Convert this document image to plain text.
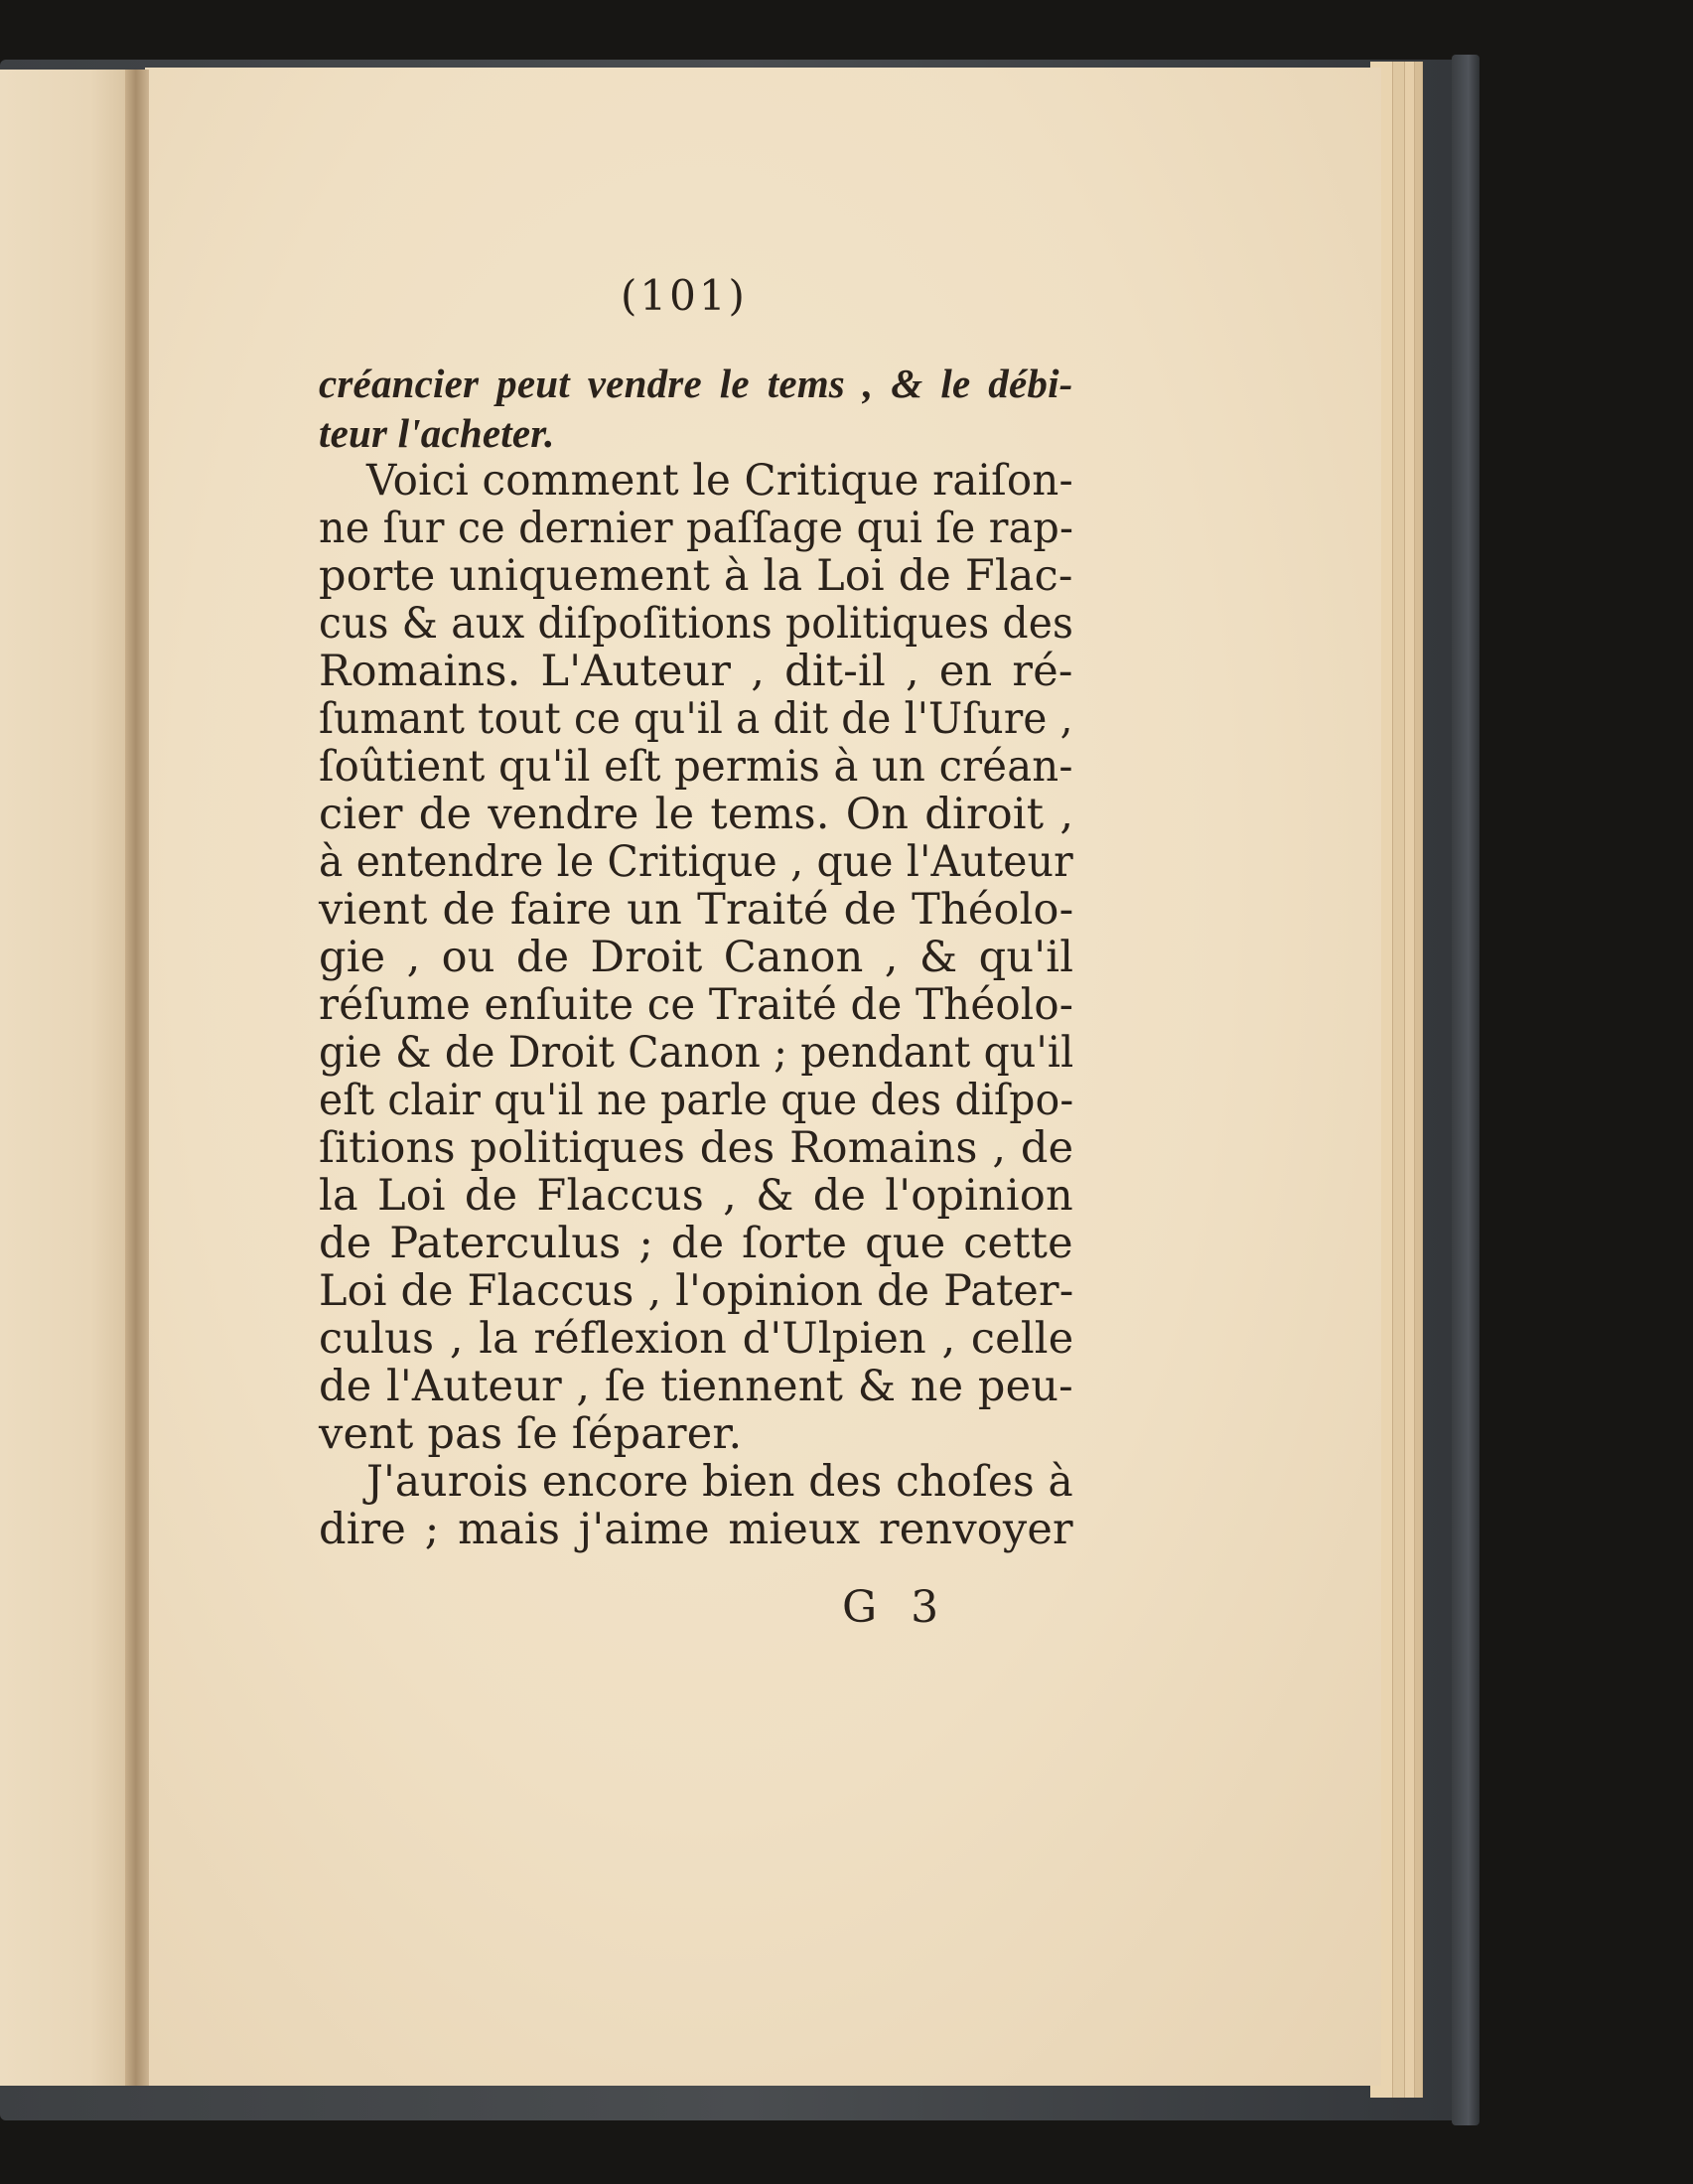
(101)
créancier peut vendre le tems , & le débi-
teur l'acheter.
Voici comment le Critique raiſon-
ne ſur ce dernier paſſage qui ſe rap-
porte uniquement à la Loi de Flac-
cus & aux diſpoſitions politiques des
Romains. L'Auteur , dit-il , en ré-
ſumant tout ce qu'il a dit de l'Uſure ,
ſoûtient qu'il eſt permis à un créan-
cier de vendre le tems. On diroit ,
à entendre le Critique , que l'Auteur
vient de faire un Traité de Théolo-
gie , ou de Droit Canon , & qu'il
réſume enſuite ce Traité de Théolo-
gie & de Droit Canon ; pendant qu'il
eſt clair qu'il ne parle que des diſpo-
ſitions politiques des Romains , de
la Loi de Flaccus , & de l'opinion
de Paterculus ; de ſorte que cette
Loi de Flaccus , l'opinion de Pater-
culus , la réflexion d'Ulpien , celle
de l'Auteur , ſe tiennent & ne peu-
vent pas ſe ſéparer.
J'aurois encore bien des choſes à
dire ; mais j'aime mieux renvoyer
G 3
